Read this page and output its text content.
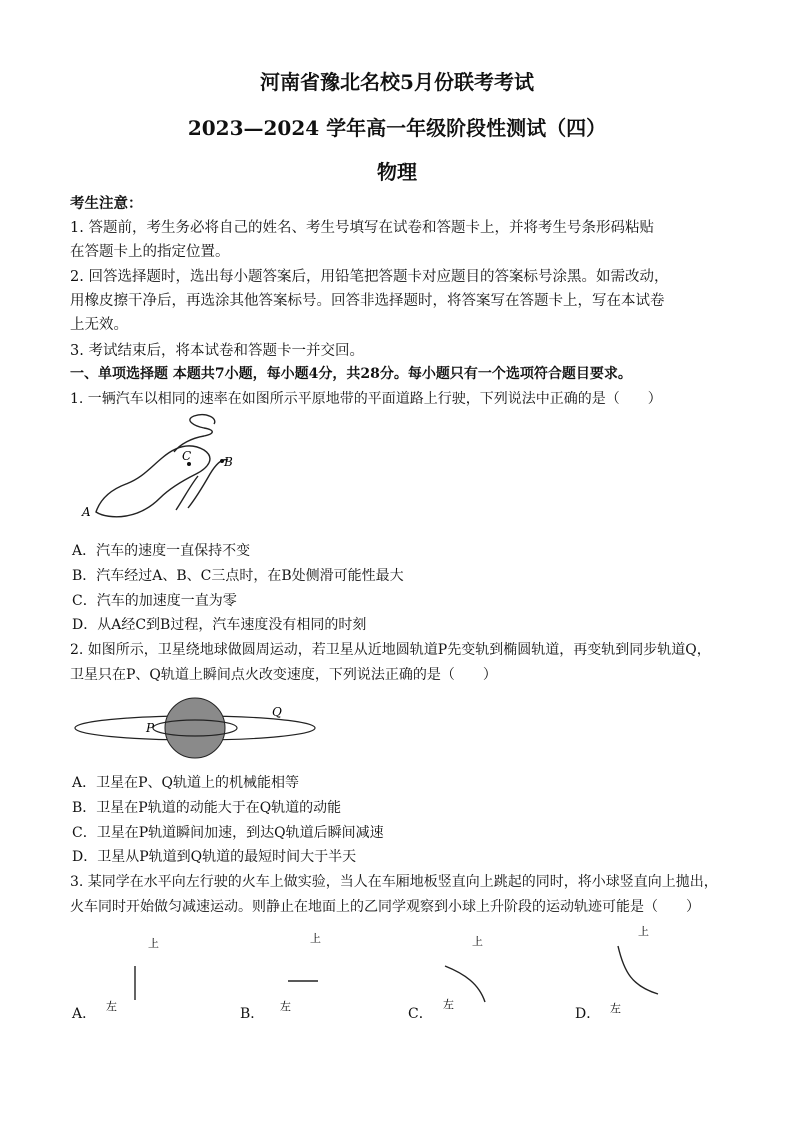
河南省豫北名校5月份联考考试
2023—2024 学年高一年级阶段性测试（四）
物理
考生注意：
1. 答题前，考生务必将自己的姓名、考生号填写在试卷和答题卡上，并将考生号条形码粘贴
在答题卡上的指定位置。
2. 回答选择题时，选出每小题答案后，用铅笔把答题卡对应题目的答案标号涂黑。如需改动，
用橡皮擦干净后，再选涂其他答案标号。回答非选择题时，将答案写在答题卡上，写在本试卷
上无效。
3. 考试结束后，将本试卷和答题卡一并交回。
一、单项选择题 本题共7小题，每小题4分，共28分。每小题只有一个选项符合题目要求。
1. 一辆汽车以相同的速率在如图所示平原地带的平面道路上行驶，下列说法中正确的是（　　）
C	B
A
A．汽车的速度一直保持不变
B．汽车经过A、B、C三点时，在B处侧滑可能性最大
C．汽车的加速度一直为零
D．从A经C到B过程，汽车速度没有相同的时刻
2. 如图所示，卫星绕地球做圆周运动，若卫星从近地圆轨道P先变轨到椭圆轨道，再变轨到同步轨道Q，
卫星只在P、Q轨道上瞬间点火改变速度，下列说法正确的是（　　）
P
Q
A．卫星在P、Q轨道上的机械能相等
B．卫星在P轨道的动能大于在Q轨道的动能
C．卫星在P轨道瞬间加速，到达Q轨道后瞬间减速
D．卫星从P轨道到Q轨道的最短时间大于半天
3. 某同学在水平向左行驶的火车上做实验，当人在车厢地板竖直向上跳起的同时，将小球竖直向上拋出，
火车同时开始做匀减速运动。则静止在地面上的乙同学观察到小球上升阶段的运动轨迹可能是（　　）
A．
上
左	B．
上
左	C．
上
左
D．
上
左
